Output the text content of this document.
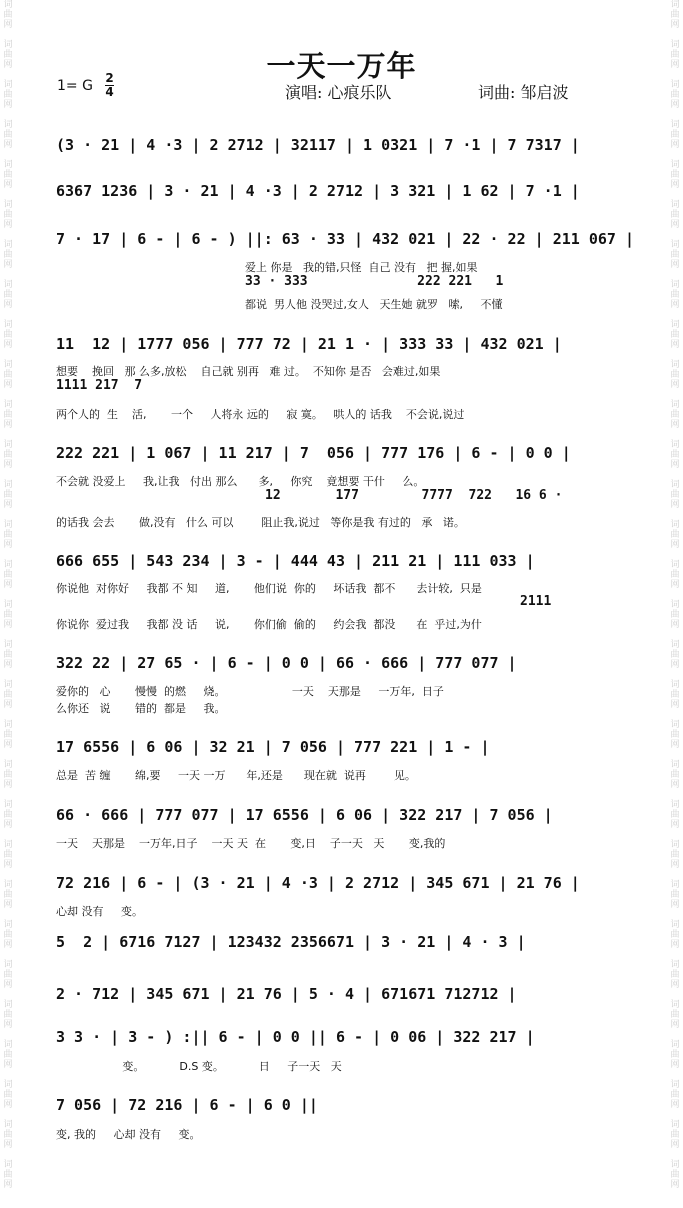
词
曲
网

词
曲
网

词
曲
网

词
曲
网

词
曲
网

词
曲
网

词
曲
网

词
曲
网

词
曲
网

词
曲
网

词
曲
网

词
曲
网

词
曲
网

词
曲
网

词
曲
网

词
曲
网

词
曲
网

词
曲
网

词
曲
网

词
曲
网

词
曲
网

词
曲
网

词
曲
网

词
曲
网

词
曲
网

词
曲
网

词
曲
网

词
曲
网

词
曲
网

词
曲
网
词
曲
网

词
曲
网

词
曲
网

词
曲
网

词
曲
网

词
曲
网

词
曲
网

词
曲
网

词
曲
网

词
曲
网

词
曲
网

词
曲
网

词
曲
网

词
曲
网

词
曲
网

词
曲
网

词
曲
网

词
曲
网

词
曲
网

词
曲
网

词
曲
网

词
曲
网

词
曲
网

词
曲
网

词
曲
网

词
曲
网

词
曲
网

词
曲
网

词
曲
网

词
曲
网
一天一万年
1= G 2
4	演唱: 心痕乐队	词曲: 邹启波
(3 · 21 | 4 ·3 | 2 2712 | 32117 | 1 0321 | 7 ·1 | 7 7317 |
6367 1236 | 3 · 21 | 4 ·3 | 2 2712 | 3 321 | 1 62 | 7 ·1 |
7 · 17 | 6 - | 6 - ) ||: 63 · 33 | 432 021 | 22 · 22 | 211 067 |
爱上 你是   我的错,只怪  自己 没有   把 握,如果
33 · 333              222 221   1
都说  男人他 没哭过,女人   天生她 就罗   嗦,     不懂
11  12 | 1777 056 | 777 72 | 21 1 · | 333 33 | 432 021 |
想要    挽回   那 么多,放松    自己就 别再   难 过。  不知你 是否   会难过,如果
1111 217  7
两个人的  生    活,       一个     人将永 远的     寂 寞。   哄人的 话我    不会说,说过
222 221 | 1 067 | 11 217 | 7  056 | 777 176 | 6 - | 0 0 |
不会就 没爱上     我,让我   付出 那么      多,     你究    竟想要 干什     么。
12       177        7777  722   16 6 ·
的话我 会去       做,没有   什么 可以        阻止我,说过   等你是我 有过的   承   诺。
666 655 | 543 234 | 3 - | 444 43 | 211 21 | 111 033 |
你说他  对你好     我都 不 知     道,       他们说  你的     坏话我  都不      去计较,  只是
2111
你说你  爱过我     我都 没 话     说,       你们偷  偷的     约会我  都没      在  乎过,为什
322 22 | 27 65 · | 6 - | 0 0 | 66 · 666 | 777 077 |
爱你的   心       慢慢  的燃     烧。                   一天    天那是     一万年,  日子
么你还   说       错的  都是     我。
17 6556 | 6 06 | 32 21 | 7 056 | 777 221 | 1 - |
总是  苦 缠       绵,要     一天 一万      年,还是      现在就  说再        见。
66 · 666 | 777 077 | 17 6556 | 6 06 | 322 217 | 7 056 |
一天    天那是    一万年,日子    一天 天  在       变,日    子一天   天       变,我的
72 216 | 6 - | (3 · 21 | 4 ·3 | 2 2712 | 345 671 | 21 76 |
心却 没有     变。
5  2 | 6716 7127 | 123432 2356671 | 3 · 21 | 4 · 3 |
2 · 712 | 345 671 | 21 76 | 5 · 4 | 671671 712712 |
3 3 · | 3 - ) :|| 6 - | 0 0 || 6 - | 0 06 | 322 217 |
变。          D.S 变。          日     子一天   天
7 056 | 72 216 | 6 - | 6 0 ||
变, 我的     心却 没有     变。
